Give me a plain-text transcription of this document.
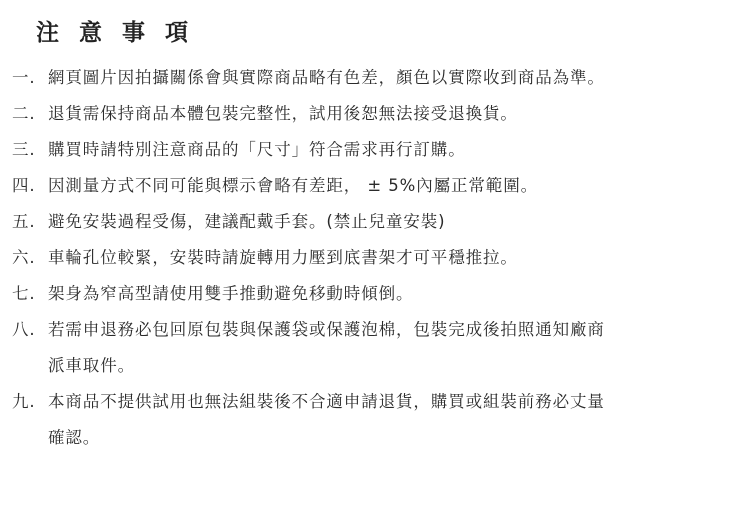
注 意 事 項
一. 網頁圖片因拍攝關係會與實際商品略有色差，顏色以實際收到商品為準。
二. 退貨需保持商品本體包裝完整性，試用後恕無法接受退換貨。
三. 購買時請特別注意商品的「尺寸」符合需求再行訂購。
四. 因測量方式不同可能與標示會略有差距， ± 5%內屬正常範圍。
五. 避免安裝過程受傷，建議配戴手套。(禁止兒童安裝)
六. 車輪孔位較緊，安裝時請旋轉用力壓到底書架才可平穩推拉。
七. 架身為窄高型請使用雙手推動避免移動時傾倒。
八. 若需申退務必包回原包裝與保護袋或保護泡棉，包裝完成後拍照通知廠商
派車取件。
九. 本商品不提供試用也無法組裝後不合適申請退貨，購買或組裝前務必丈量
確認。
